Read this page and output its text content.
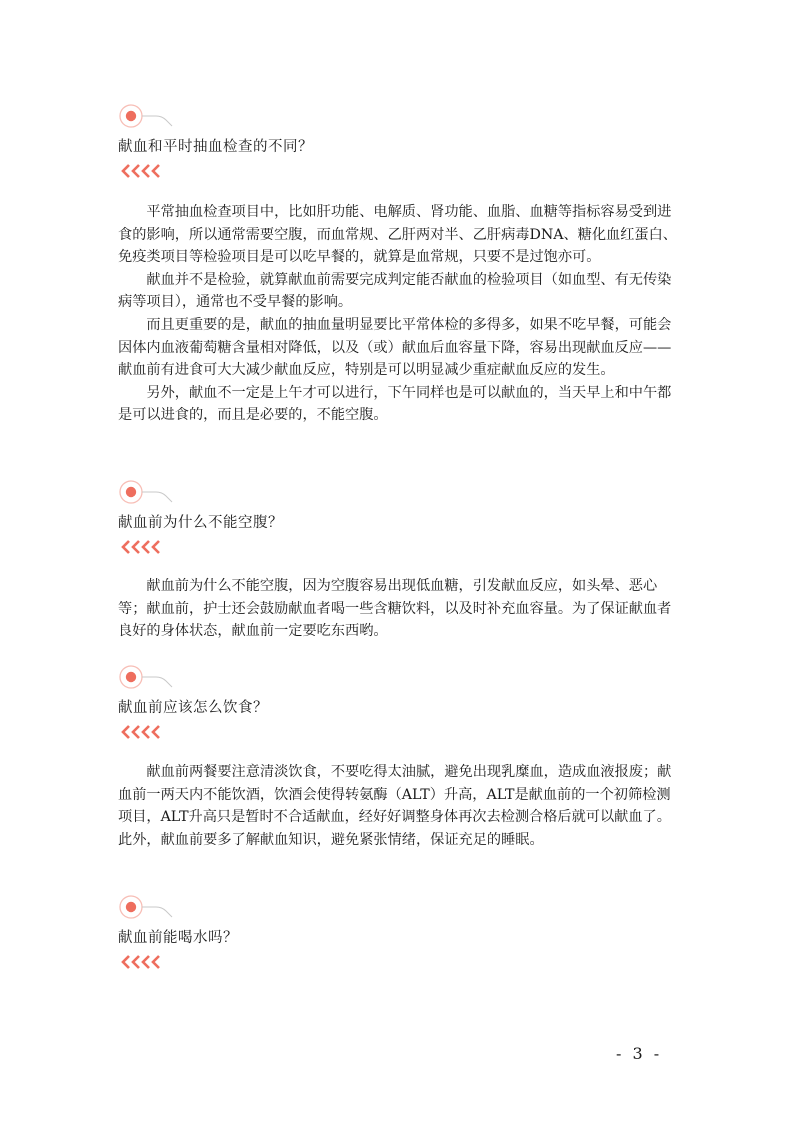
献血和平时抽血检查的不同？

平常抽血检查项目中，比如肝功能、电解质、肾功能、血脂、血糖等指标容易受到进食的影响，所以通常需要空腹，而血常规、乙肝两对半、乙肝病毒DNA、糖化血红蛋白、免疫类项目等检验项目是可以吃早餐的，就算是血常规，只要不是过饱亦可。

献血并不是检验，就算献血前需要完成判定能否献血的检验项目（如血型、有无传染病等项目），通常也不受早餐的影响。

而且更重要的是，献血的抽血量明显要比平常体检的多得多，如果不吃早餐，可能会因体内血液葡萄糖含量相对降低，以及（或）献血后血容量下降，容易出现献血反应——献血前有进食可大大减少献血反应，特别是可以明显减少重症献血反应的发生。

另外，献血不一定是上午才可以进行，下午同样也是可以献血的，当天早上和中午都是可以进食的，而且是必要的，不能空腹。

献血前为什么不能空腹？

献血前为什么不能空腹，因为空腹容易出现低血糖，引发献血反应，如头晕、恶心等；献血前，护士还会鼓励献血者喝一些含糖饮料，以及时补充血容量。为了保证献血者良好的身体状态，献血前一定要吃东西哟。

献血前应该怎么饮食？

献血前两餐要注意清淡饮食，不要吃得太油腻，避免出现乳糜血，造成血液报废；献血前一两天内不能饮酒，饮酒会使得转氨酶（ALT）升高，ALT是献血前的一个初筛检测项目，ALT升高只是暂时不合适献血，经好好调整身体再次去检测合格后就可以献血了。此外，献血前要多了解献血知识，避免紧张情绪，保证充足的睡眠。

献血前能喝水吗？
- 3 -
